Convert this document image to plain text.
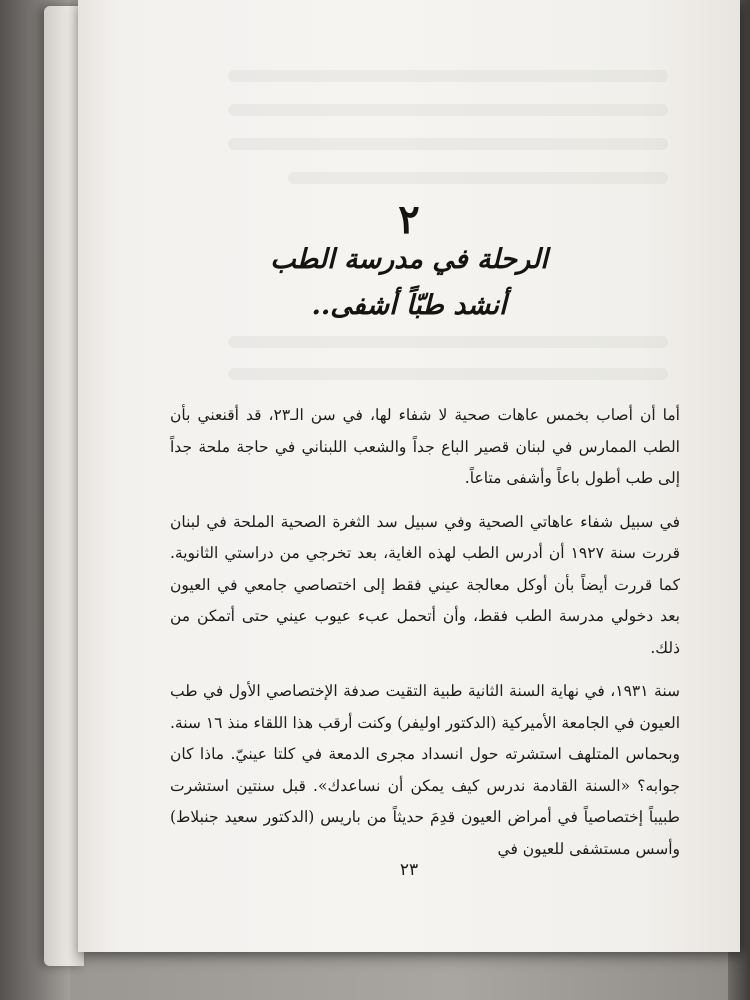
٢
الرحلة في مدرسة الطب
أنشد طبّاً أشفى..

أما أن أصاب بخمس عاهات صحية لا شفاء لها، في سن الـ٢٣، قد أقنعني بأن الطب الممارس في لبنان قصير الباع جداً والشعب اللبناني في حاجة ملحة جداً إلى طب أطول باعاً وأشفى متاعاً.

في سبيل شفاء عاهاتي الصحية وفي سبيل سد الثغرة الصحية الملحة في لبنان قررت سنة ١٩٢٧ أن أدرس الطب لهذه الغاية، بعد تخرجي من دراستي الثانوية. كما قررت أيضاً بأن أوكل معالجة عيني فقط إلى اختصاصي جامعي في العيون بعد دخولي مدرسة الطب فقط، وأن أتحمل عبء عيوب عيني حتى أتمكن من ذلك.

سنة ١٩٣١، في نهاية السنة الثانية طبية التقيت صدفة الإختصاصي الأول في طب العيون في الجامعة الأميركية (الدكتور اوليفر) وكنت أرقب هذا اللقاء منذ ١٦ سنة. وبحماس المتلهف استشرته حول انسداد مجرى الدمعة في كلتا عينيّ. ماذا كان جوابه؟ «السنة القادمة ندرس كيف يمكن أن نساعدك». قبل سنتين استشرت طبيباً إختصاصياً في أمراض العيون قدِمَ حديثاً من باريس (الدكتور سعيد جنبلاط) وأسس مستشفى للعيون في

٢٣
